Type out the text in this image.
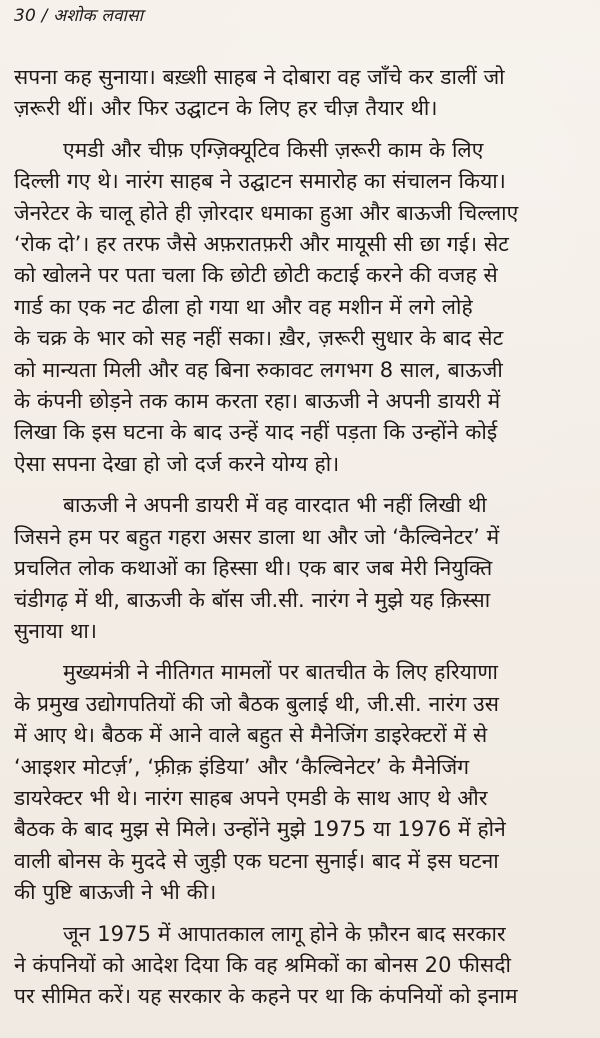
30 / अशोक लवासा

सपना कह सुनाया। बख़्शी साहब ने दोबारा वह जाँचे कर डालीं जो
ज़रूरी थीं। और फिर उद्घाटन के लिए हर चीज़ तैयार थी।

एमडी और चीफ़ एग्ज़िक्यूटिव किसी ज़रूरी काम के लिए
दिल्ली गए थे। नारंग साहब ने उद्घाटन समारोह का संचालन किया।
जेनरेटर के चालू होते ही ज़ोरदार धमाका हुआ और बाऊजी चिल्लाए
‘रोक दो’। हर तरफ जैसे अफ़रातफ़री और मायूसी सी छा गई। सेट
को खोलने पर पता चला कि छोटी छोटी कटाई करने की वजह से
गार्ड का एक नट ढीला हो गया था और वह मशीन में लगे लोहे
के चक्र के भार को सह नहीं सका। ख़ैर, ज़रूरी सुधार के बाद सेट
को मान्यता मिली और वह बिना रुकावट लगभग 8 साल, बाऊजी
के कंपनी छोड़ने तक काम करता रहा। बाऊजी ने अपनी डायरी में
लिखा कि इस घटना के बाद उन्हें याद नहीं पड़ता कि उन्होंने कोई
ऐसा सपना देखा हो जो दर्ज करने योग्य हो।

बाऊजी ने अपनी डायरी में वह वारदात भी नहीं लिखी थी
जिसने हम पर बहुत गहरा असर डाला था और जो ‘कैल्विनेटर’ में
प्रचलित लोक कथाओं का हिस्सा थी। एक बार जब मेरी नियुक्ति
चंडीगढ़ में थी, बाऊजी के बॉस जी.सी. नारंग ने मुझे यह क़िस्सा
सुनाया था।

मुख्यमंत्री ने नीतिगत मामलों पर बातचीत के लिए हरियाणा
के प्रमुख उद्योगपतियों की जो बैठक बुलाई थी, जी.सी. नारंग उस
में आए थे। बैठक में आने वाले बहुत से मैनेजिंग डाइरेक्टरों में से
‘आइशर मोटर्ज़’, ‘फ़्रीक़ इंडिया’ और ‘कैल्विनेटर’ के मैनेजिंग
डायरेक्टर भी थे। नारंग साहब अपने एमडी के साथ आए थे और
बैठक के बाद मुझ से मिले। उन्होंने मुझे 1975 या 1976 में होने
वाली बोनस के मुददे से जुड़ी एक घटना सुनाई। बाद में इस घटना
की पुष्टि बाऊजी ने भी की।

जून 1975 में आपातकाल लागू होने के फ़ौरन बाद सरकार
ने कंपनियों को आदेश दिया कि वह श्रमिकों का बोनस 20 फीसदी
पर सीमित करें। यह सरकार के कहने पर था कि कंपनियों को इनाम
